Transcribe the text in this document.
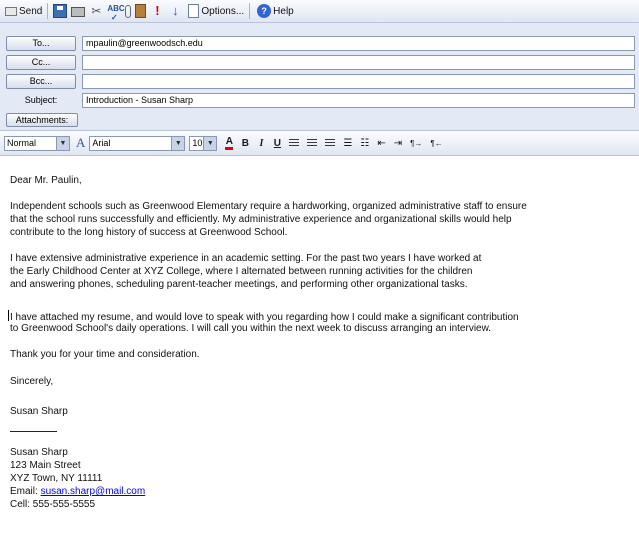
Send	✂ ABC
✓	! ↓	Options...	? Help
To...	mpaulin@greenwoodsch.edu
Cc...
Bcc...
Subject:	Introduction - Susan Sharp
Attachments:
Normal	▼ A Arial	▼	10 ▼ A B I U	☰ ☷ ⇤ ⇥ ¶→ ¶←

Dear Mr. Paulin,

Independent schools such as Greenwood Elementary require a hardworking, organized administrative staff to ensure

that the school runs successfully and efficiently. My administrative experience and organizational skills would help

contribute to the long history of success at Greenwood School.

I have extensive administrative experience in an academic setting. For the past two years I have worked at

the Early Childhood Center at XYZ College, where I alternated between running activities for the children

and answering phones, scheduling parent-teacher meetings, and performing other organizational tasks.

I have attached my resume, and would love to speak with you regarding how I could make a significant contribution

to Greenwood School's daily operations. I will call you within the next week to discuss arranging an interview.

Thank you for your time and consideration.

Sincerely,

Susan Sharp

Susan Sharp

123 Main Street

XYZ Town, NY 11111

Email: susan.sharp@mail.com

Cell: 555-555-5555
